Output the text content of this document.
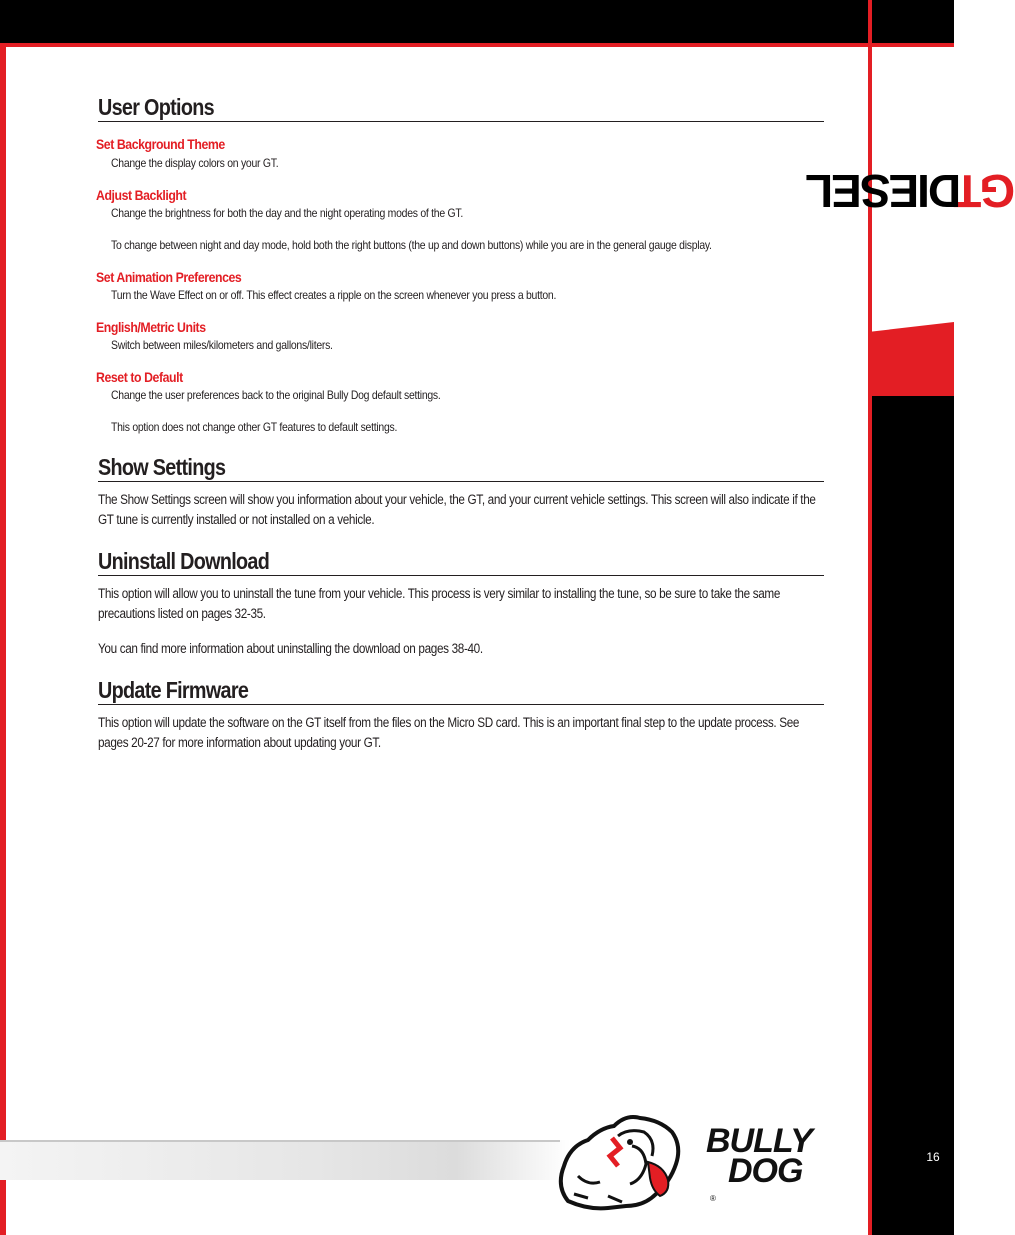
GT
DIESEL
16
User Options
Set Background Theme
Change the display colors on your GT.
Adjust Backlight
Change the brightness for both the day and the night operating modes of the GT.
To change between night and day mode, hold both the right buttons (the up and down buttons) while you are in the general gauge display.
Set Animation Preferences
Turn the Wave Effect on or off. This effect creates a ripple on the screen whenever you press a button.
English/Metric Units
Switch between miles/kilometers and gallons/liters.
Reset to Default
Change the user preferences back to the original Bully Dog default settings.
This option does not change other GT features to default settings.
Show Settings
The Show Settings screen will show you information about your vehicle, the GT, and your current vehicle settings. This screen will also indicate if the GT tune is currently installed or not installed on a vehicle.
Uninstall Download
This option will allow you to uninstall the tune from your vehicle. This process is very similar to installing the tune, so be sure to take the same precautions listed on pages 32-35.
You can find more information about uninstalling the download on pages 38-40.
Update Firmware
This option will update the software on the GT itself from the files on the Micro SD card. This is an important final step to the update process. See pages 20-27 for more information about updating your GT.
BULLY
DOG
®
